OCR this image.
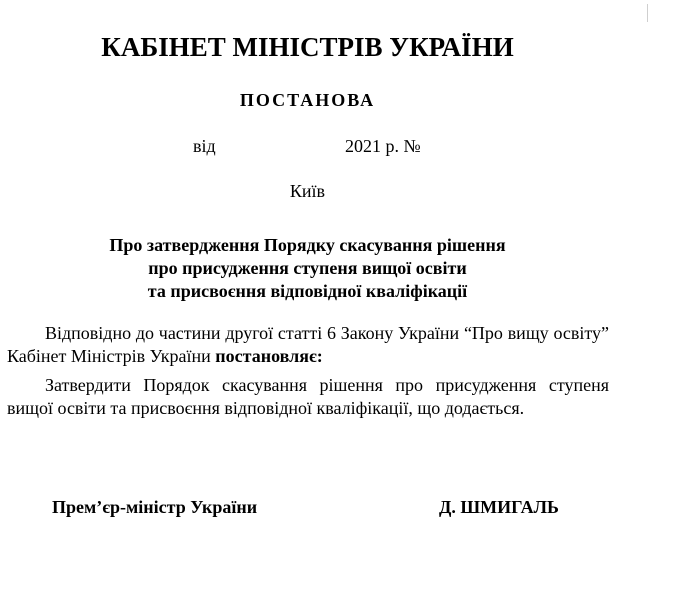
КАБІНЕТ МІНІСТРІВ УКРАЇНИ
ПОСТАНОВА
від	2021 р. №
Київ
Про затвердження Порядку скасування рішення
про присудження ступеня вищої освіти
та присвоєння відповідної кваліфікації
Відповідно до частини другої статті 6 Закону України “Про вищу освіту” Кабінет Міністрів України постановляє:
Затвердити Порядок скасування рішення про присудження ступеня вищої освіти та присвоєння відповідної кваліфікації, що додається.
Прем’єр-міністр України	Д. ШМИГАЛЬ
